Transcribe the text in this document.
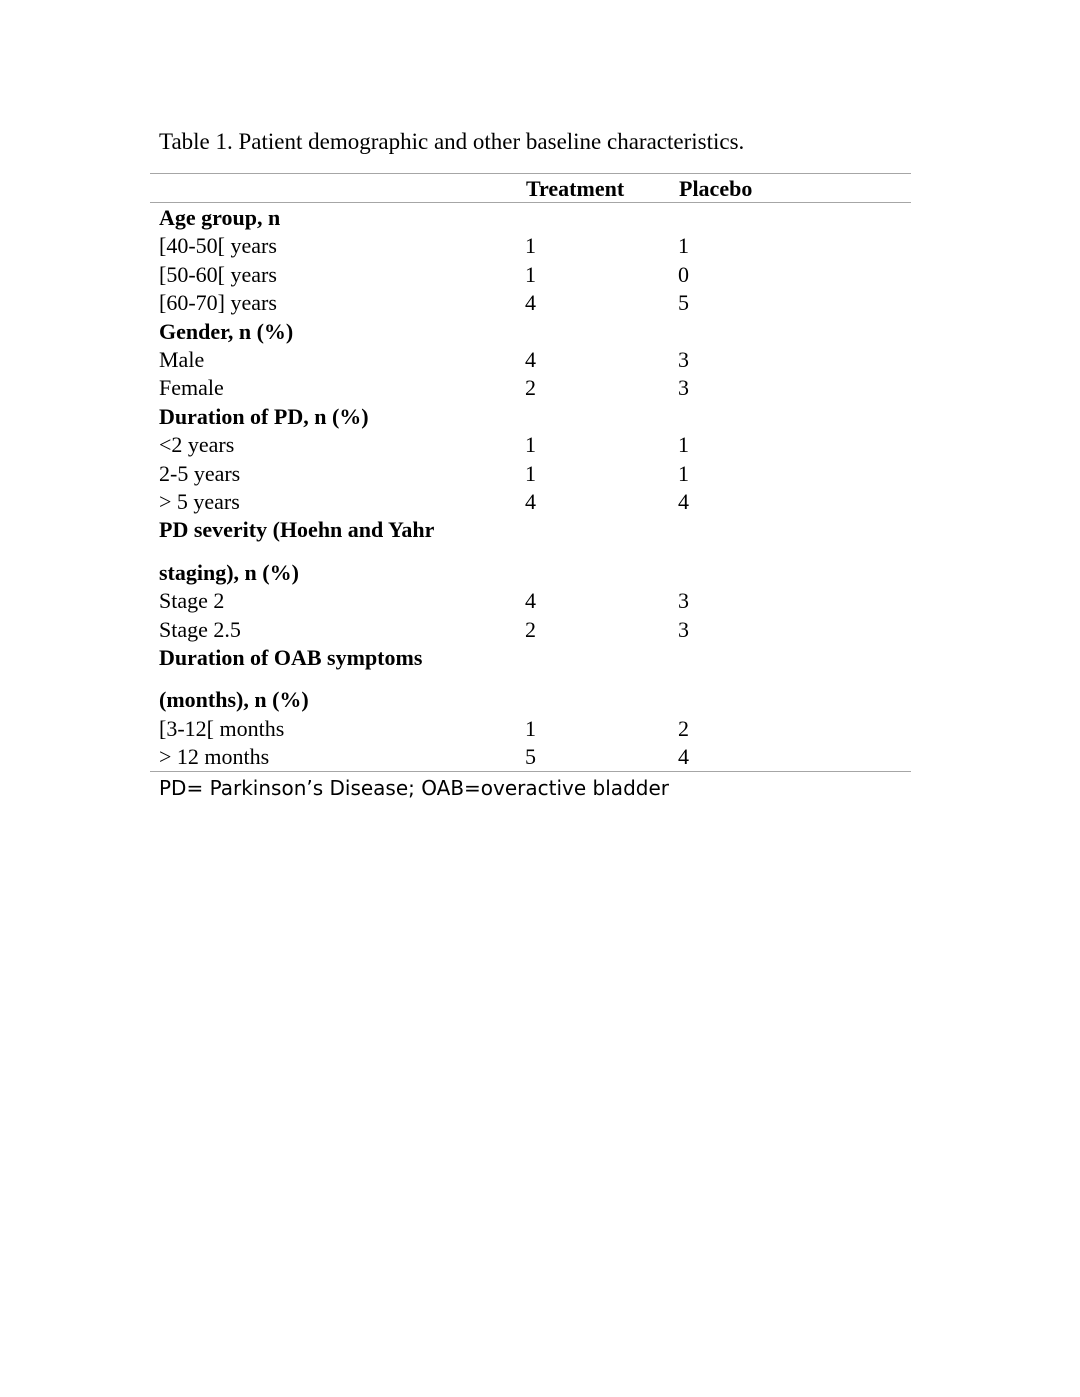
Table 1. Patient demographic and other baseline characteristics.
Treatment Placebo
Age group, n
[40-50[ years	1	1
[50-60[ years	1	0
[60-70] years	4	5
Gender, n (%)
Male	4	3
Female	2	3
Duration of PD, n (%)
<2 years	1	1
2-5 years	1	1
> 5 years	4	4
PD severity (Hoehn and Yahr
staging), n (%)
Stage 2	4	3
Stage 2.5	2	3
Duration of OAB symptoms
(months), n (%)
[3-12[ months	1	2
> 12 months	5	4
PD= Parkinson’s Disease; OAB=overactive bladder
